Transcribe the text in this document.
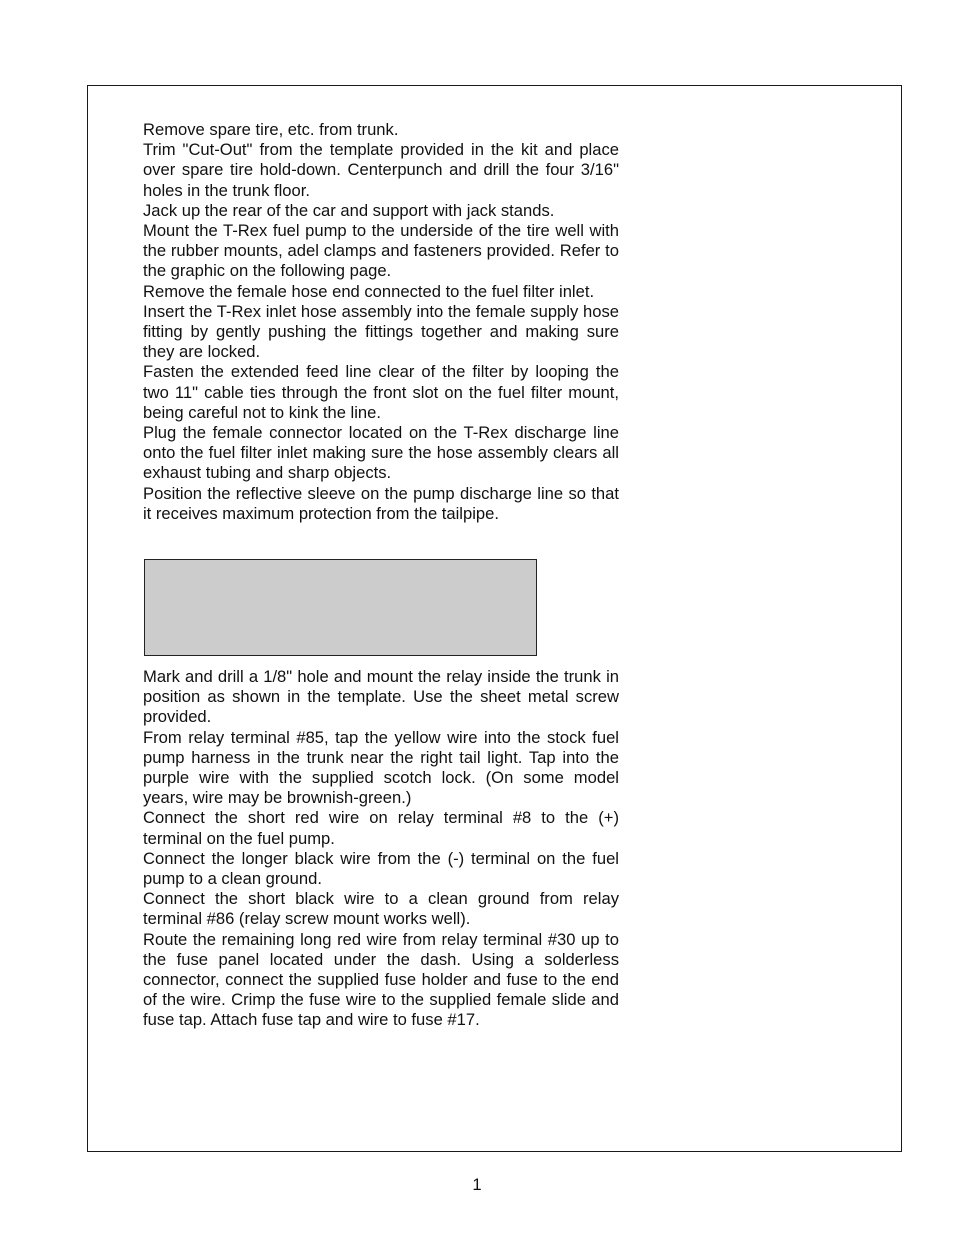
Remove spare tire, etc. from trunk.

Trim "Cut-Out" from the template provided in the kit and place over spare tire hold-down. Centerpunch and drill the four 3/16" holes in the trunk floor.

Jack up the rear of the car and support with jack stands.

Mount the T-Rex fuel pump to the underside of the tire well with the rubber mounts, adel clamps and fasteners provided. Refer to the graphic on the following page.

Remove the female hose end connected to the fuel filter inlet.

Insert the T-Rex inlet hose assembly into the female supply hose fitting by gently pushing the fittings together and making sure they are locked.

Fasten the extended feed line clear of the filter by looping the two 11" cable ties through the front slot on the fuel filter mount, being careful not to kink the line.

Plug the female connector located on the T-Rex discharge line onto the fuel filter inlet making sure the hose assembly clears all exhaust tubing and sharp objects.

Position the reflective sleeve on the pump discharge line so that it receives maximum protection from the tailpipe.

Mark and drill a 1/8" hole and mount the relay inside the trunk in position as shown in the template. Use the sheet metal screw provided.

From relay terminal #85, tap the yellow wire into the stock fuel pump harness in the trunk near the right tail light. Tap into the purple wire with the supplied scotch lock. (On some model years, wire may be brownish-green.)

Connect the short red wire on relay terminal #8 to the (+) terminal on the fuel pump.

Connect the longer black wire from the (-) terminal on the fuel pump to a clean ground.

Connect the short black wire to a clean ground from relay terminal #86 (relay screw mount works well).

Route the remaining long red wire from relay terminal #30 up to the fuse panel located under the dash. Using a solderless connector, connect the supplied fuse holder and fuse to the end of the wire. Crimp the fuse wire to the supplied female slide and fuse tap. Attach fuse tap and wire to fuse #17.

1
